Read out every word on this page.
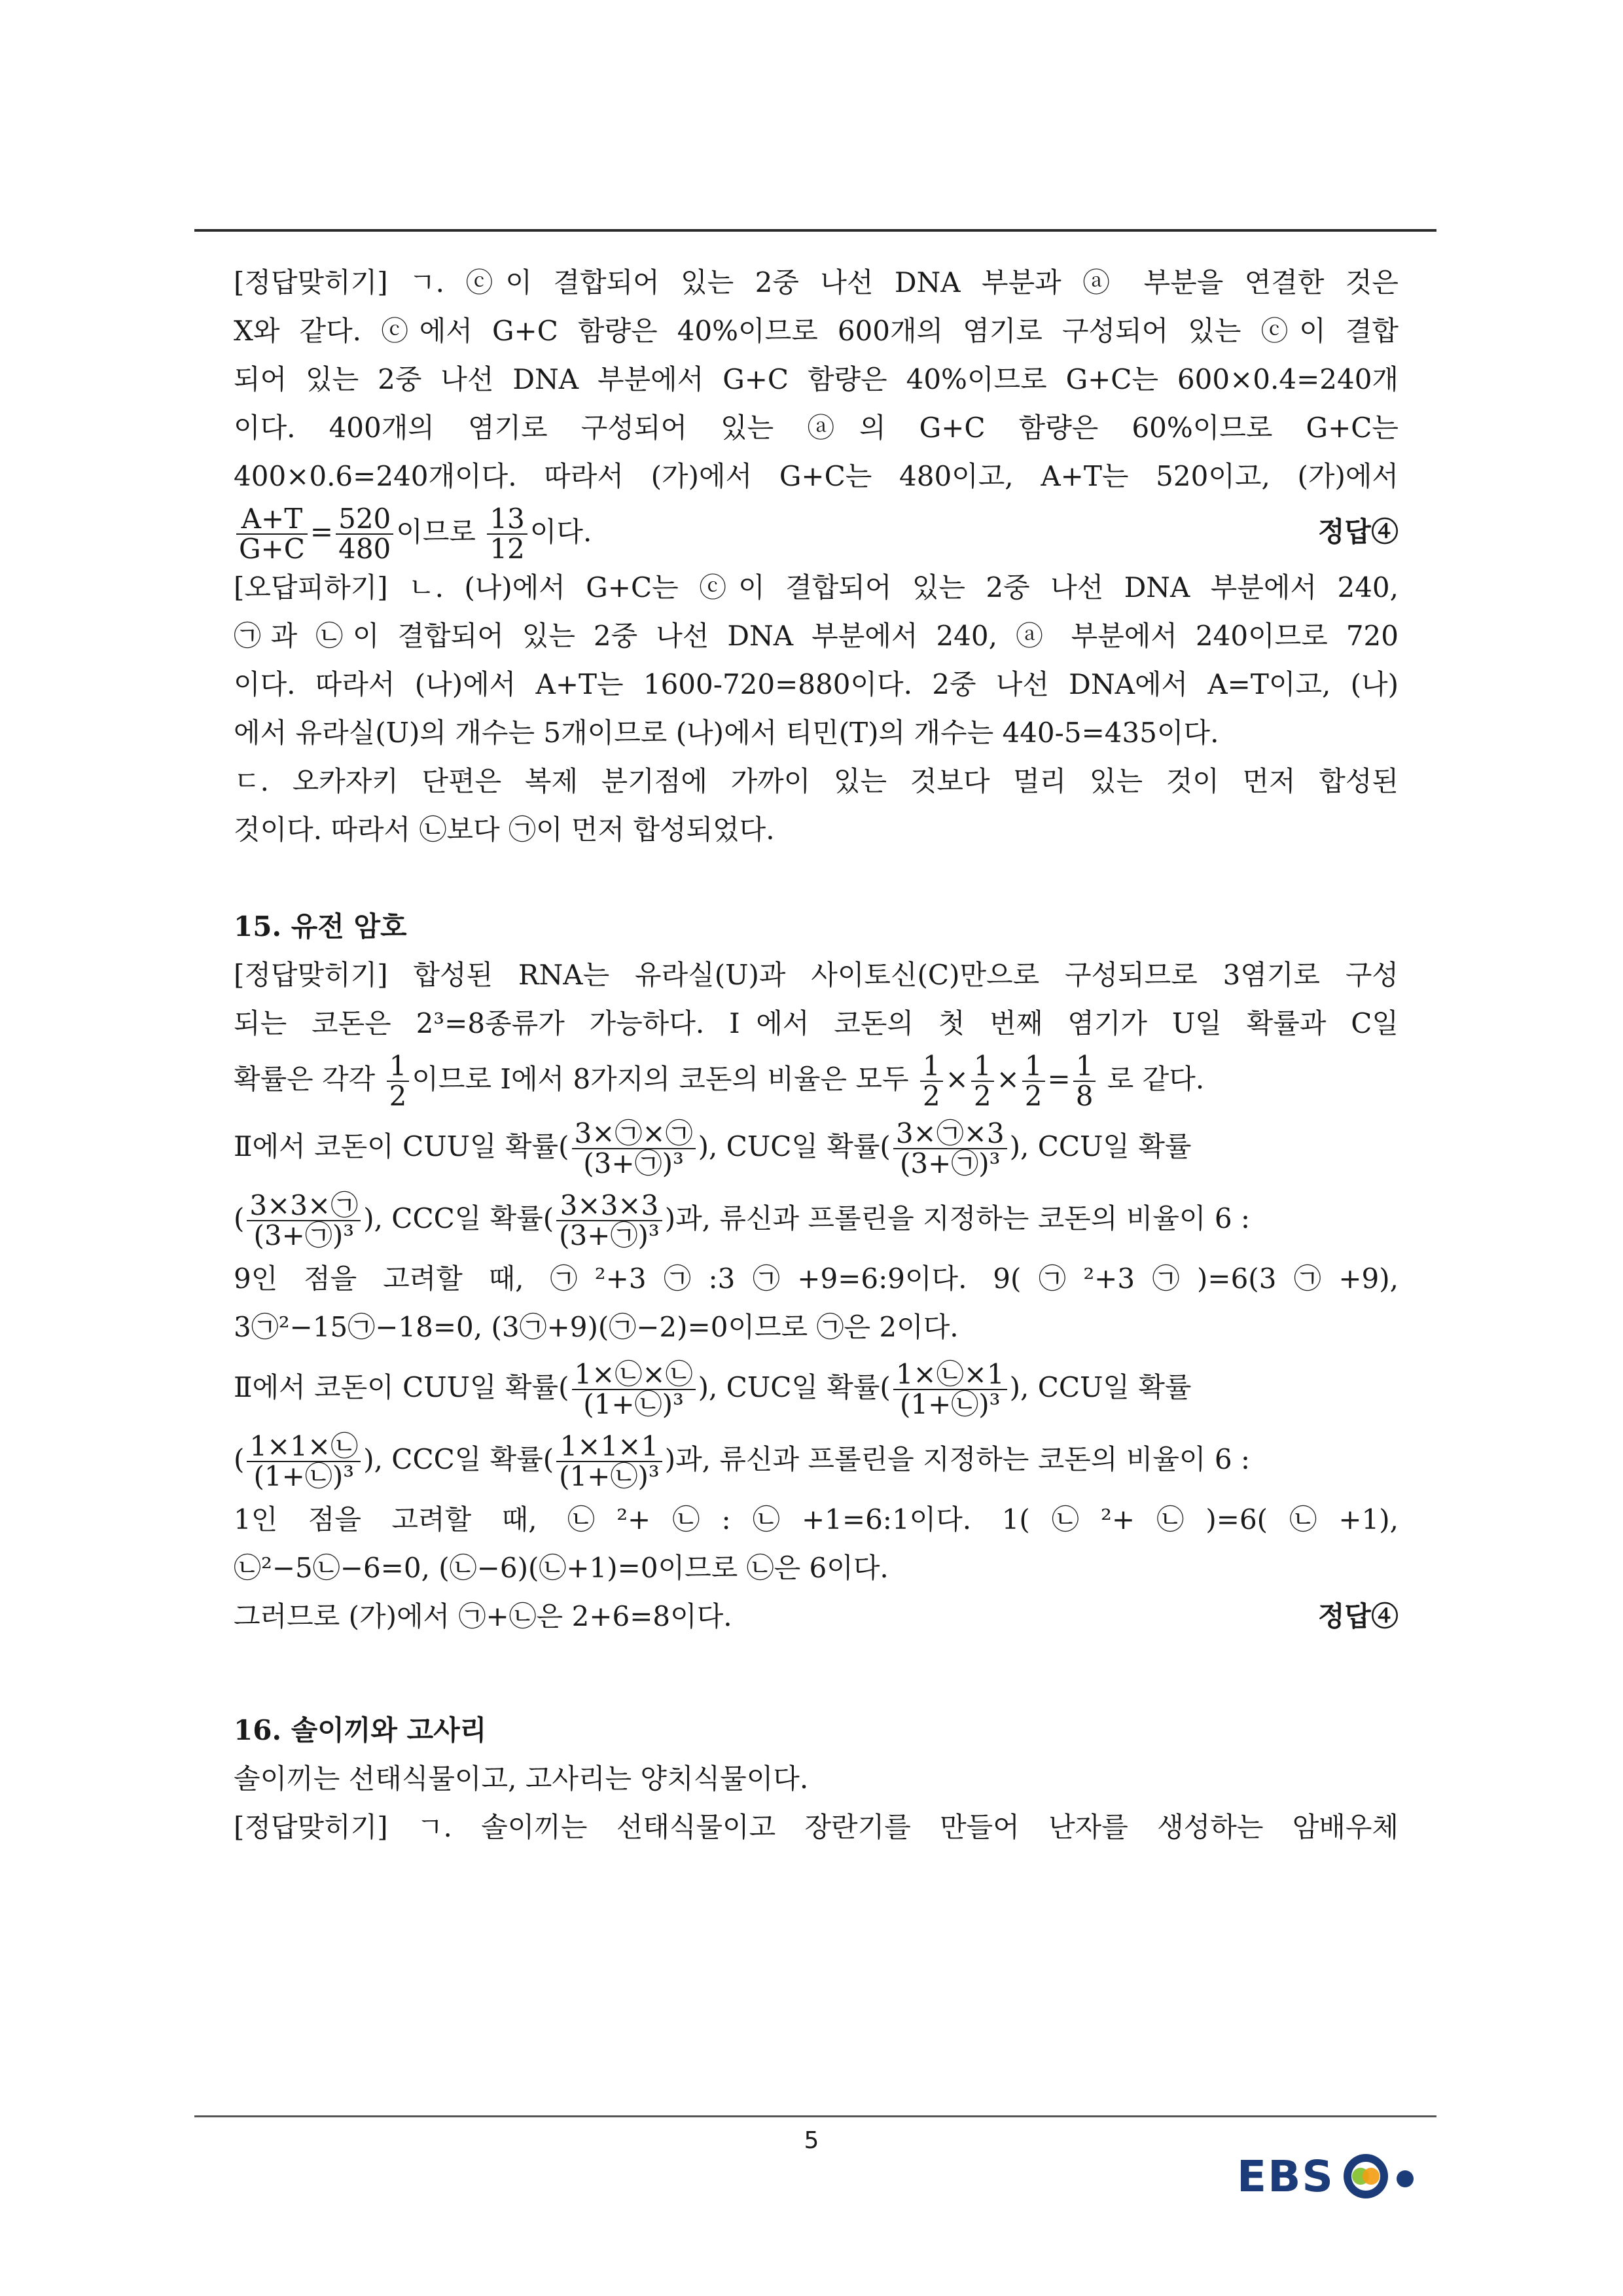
[정답맞히기] ㄱ. ⓒ이 결합되어 있는 2중 나선 DNA 부분과 ⓐ 부분을 연결한 것은
X와 같다. ⓒ에서 G+C 함량은 40%이므로 600개의 염기로 구성되어 있는 ⓒ이 결합
되어 있는 2중 나선 DNA 부분에서 G+C 함량은 40%이므로 G+C는 600×0.4=240개
이다. 400개의 염기로 구성되어 있는 ⓐ의 G+C 함량은 60%이므로 G+C는
400×0.6=240개이다. 따라서 (가)에서 G+C는 480이고, A+T는 520이고, (가)에서
$\frac{A+T}{G+C} = \frac{520}{480}$ 이므로 $\frac{13}{12}$ 이다.	정답④
[오답피하기] ㄴ. (나)에서 G+C는 ⓒ이 결합되어 있는 2중 나선 DNA 부분에서 240,
㉠과 ㉡이 결합되어 있는 2중 나선 DNA 부분에서 240, ⓐ 부분에서 240이므로 720
이다. 따라서 (나)에서 A+T는 1600-720=880이다. 2중 나선 DNA에서 A=T이고, (나)
에서 유라실(U)의 개수는 5개이므로 (나)에서 티민(T)의 개수는 440-5=435이다.
ㄷ. 오카자키 단편은 복제 분기점에 가까이 있는 것보다 멀리 있는 것이 먼저 합성된
것이다. 따라서 ㉡보다 ㉠이 먼저 합성되었다.
15. 유전 암호
[정답맞히기] 합성된 RNA는 유라실(U)과 사이토신(C)만으로 구성되므로 3염기로 구성
되는 코돈은 2³=8종류가 가능하다. Ⅰ에서 코돈의 첫 번째 염기가 U일 확률과 C일
확률은 각각 $\frac{1}{2}$ 이므로 Ⅰ에서 8가지의 코돈의 비율은 모두 $\frac{1}{2} \times \frac{1}{2} \times \frac{1}{2} = \frac{1}{8}$ 로 같다.
Ⅱ에서 코돈이 CUU일 확률( $\frac{3\times㉠\times㉠}{\text{(3+㉠)³}}$ ), CUC일 확률( $\frac{3\times㉠\times 3}{\text{(3+㉠)³}}$ ), CCU일 확률
( $\frac{3\times 3\times㉠}{\text{(3+㉠)³}}$ ), CCC일 확률( $\frac{3\times 3\times 3}{\text{(3+㉠)³}}$ )과, 류신과 프롤린을 지정하는 코돈의 비율이 6 :
9인 점을 고려할 때, ㉠²+3㉠:3㉠+9=6:9이다. 9(㉠²+3㉠)=6(3㉠+9),
3㉠²−15㉠−18=0, (3㉠+9)(㉠−2)=0이므로 ㉠은 2이다.
Ⅱ에서 코돈이 CUU일 확률( $\frac{1\times㉡\times㉡}{\text{(1+㉡)³}}$ ), CUC일 확률( $\frac{1\times㉡\times 1}{\text{(1+㉡)³}}$ ), CCU일 확률
( $\frac{1\times 1\times㉡}{\text{(1+㉡)³}}$ ), CCC일 확률( $\frac{1\times 1\times 1}{\text{(1+㉡)³}}$ )과, 류신과 프롤린을 지정하는 코돈의 비율이 6 :
1인 점을 고려할 때, ㉡²+㉡:㉡+1=6:1이다. 1(㉡²+㉡)=6(㉡+1),
㉡²−5㉡−6=0, (㉡−6)(㉡+1)=0이므로 ㉡은 6이다.
그러므로 (가)에서 ㉠+㉡은 2+6=8이다.	정답④
16. 솔이끼와 고사리
솔이끼는 선태식물이고, 고사리는 양치식물이다.
[정답맞히기] ㄱ. 솔이끼는 선태식물이고 장란기를 만들어 난자를 생성하는 암배우체
5
EBS
